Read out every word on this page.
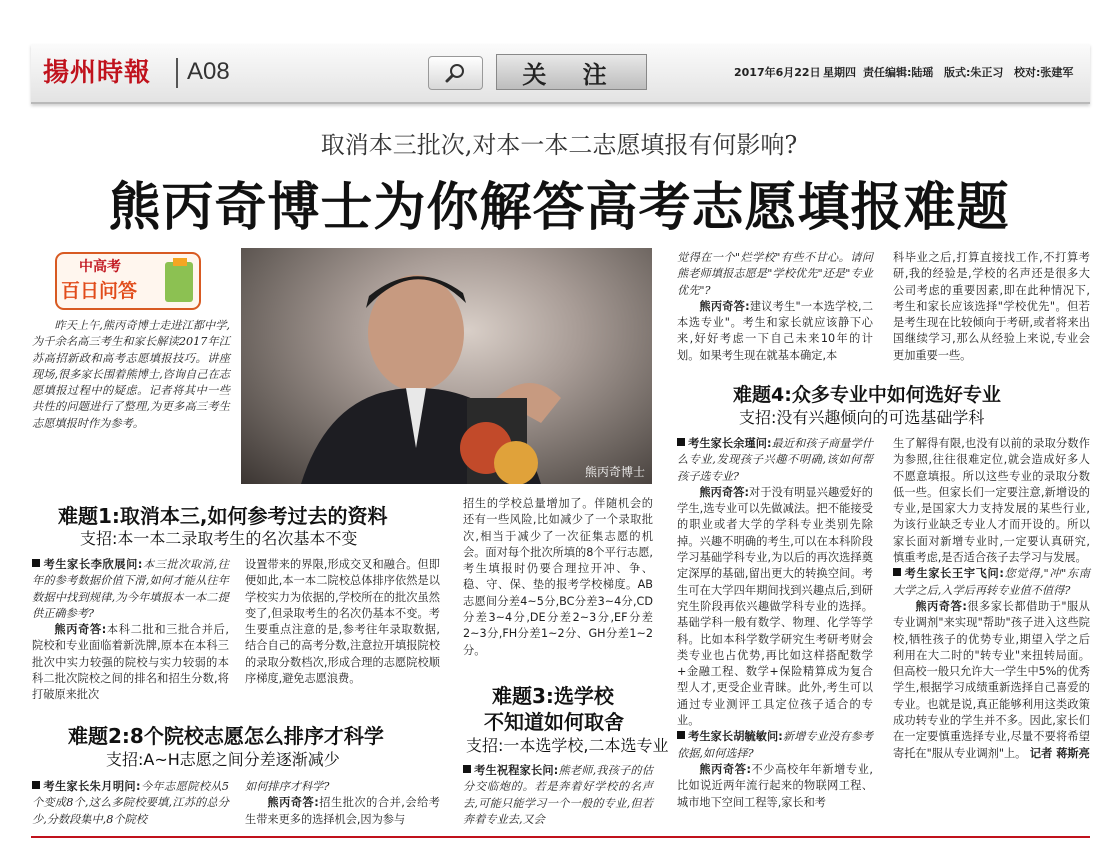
揚州時報 A08	关 注	2017年6月22日 星期四 责任编辑:陆瑶 版式:朱正习 校对:张建军
取消本三批次,对本一本二志愿填报有何影响?
熊丙奇博士为你解答高考志愿填报难题
中高考
百日问答
熊丙奇博士

昨天上午,熊丙奇博士走进江都中学,为千余名高三考生和家长解读2017年江苏高招新政和高考志愿填报技巧。讲座现场,很多家长围着熊博士,咨询自己在志愿填报过程中的疑虑。记者将其中一些共性的问题进行了整理,为更多高三考生志愿填报时作为参考。

难题1:取消本三,如何参考过去的资料
支招:本一本二录取考生的名次基本不变

考生家长李欣展问:本三批次取消,往年的参考数据价值下滑,如何才能从往年数据中找到规律,为今年填报本一本二提供正确参考?

熊丙奇答:本科二批和三批合并后,院校和专业面临着新洗牌,原本在本科三批次中实力较强的院校与实力较弱的本科二批次院校之间的排名和招生分数,将打破原来批次

设置带来的界限,形成交叉和融合。但即便如此,本一本二院校总体排序依然是以学校实力为依据的,学校所在的批次虽然变了,但录取考生的名次仍基本不变。考生要重点注意的是,参考往年录取数据,结合自己的高考分数,注意拉开填报院校的录取分数档次,形成合理的志愿院校顺序梯度,避免志愿浪费。

难题2:8个院校志愿怎么排序才科学
支招:A~H志愿之间分差逐渐减少

考生家长朱月明问:今年志愿院校从5个变成8个,这么多院校要填,江苏的总分少,分数段集中,8个院校

如何排序才科学?

熊丙奇答:招生批次的合并,会给考生带来更多的选择机会,因为参与

招生的学校总量增加了。伴随机会的还有一些风险,比如减少了一个录取批次,相当于减少了一次征集志愿的机会。面对每个批次所填的8个平行志愿,考生填报时仍要合理拉开冲、争、稳、守、保、垫的报考学校梯度。AB志愿间分差4~5分,BC分差3~4分,CD分差3~4分,DE分差2~3分,EF分差2~3分,FH分差1~2分、GH分差1~2分。

难题3:选学校
不知道如何取舍
支招:一本选学校,二本选专业

考生祝程家长问:熊老师,我孩子的估分交临炮的。若是奔着好学校的名声去,可能只能学习一个一般的专业,但若奔着专业去,又会

觉得在一个"烂学校"有些不甘心。请问熊老师填报志愿是"学校优先"还是"专业优先"?

熊丙奇答:建议考生"一本选学校,二本选专业"。考生和家长就应该静下心来,好好考虑一下自己未来10年的计划。如果考生现在就基本确定,本

科毕业之后,打算直接找工作,不打算考研,我的经验是,学校的名声还是很多大公司考虑的重要因素,即在此种情况下,考生和家长应该选择"学校优先"。但若是考生现在比较倾向于考研,或者将来出国继续学习,那么从经验上来说,专业会更加重要一些。

难题4:众多专业中如何选好专业
支招:没有兴趣倾向的可选基础学科

考生家长余瑾问:最近和孩子商量学什么专业,发现孩子兴趣不明确,该如何帮孩子选专业?

熊丙奇答:对于没有明显兴趣爱好的学生,选专业可以先做减法。把不能接受的职业或者大学的学科专业类别先除掉。兴趣不明确的考生,可以在本科阶段学习基础学科专业,为以后的再次选择奠定深厚的基础,留出更大的转换空间。考生可在大学四年期间找到兴趣点后,到研究生阶段再依兴趣做学科专业的选择。基础学科一般有数学、物理、化学等学科。比如本科学数学研究生考研考财会类专业也占优势,再比如这样搭配数学+金融工程、数学+保险精算成为复合型人才,更受企业青睐。此外,考生可以通过专业测评工具定位孩子适合的专业。

考生家长胡毓敏问:新增专业没有参考依据,如何选择?

熊丙奇答:不少高校年年新增专业,比如说近两年流行起来的物联网工程、城市地下空间工程等,家长和考

生了解得有限,也没有以前的录取分数作为参照,往往很难定位,就会造成好多人不愿意填报。所以这些专业的录取分数低一些。但家长们一定要注意,新增设的专业,是国家大力支持发展的某些行业,为该行业缺乏专业人才而开设的。所以家长面对新增专业时,一定要认真研究,慎重考虑,是否适合孩子去学习与发展。

考生家长王宇飞问:您觉得,"冲"东南大学之后,入学后再转专业值不值得?

熊丙奇答:很多家长都借助于"服从专业调剂"来实现"帮助"孩子进入这些院校,牺牲孩子的优势专业,期望入学之后利用在大二时的"转专业"来扭转局面。但高校一般只允许大一学生中5%的优秀学生,根据学习成绩重新选择自己喜爱的专业。也就是说,真正能够利用这类政策成功转专业的学生并不多。因此,家长们在一定要慎重选择专业,尽量不要将希望寄托在"服从专业调剂"上。 记者 蒋斯亮
